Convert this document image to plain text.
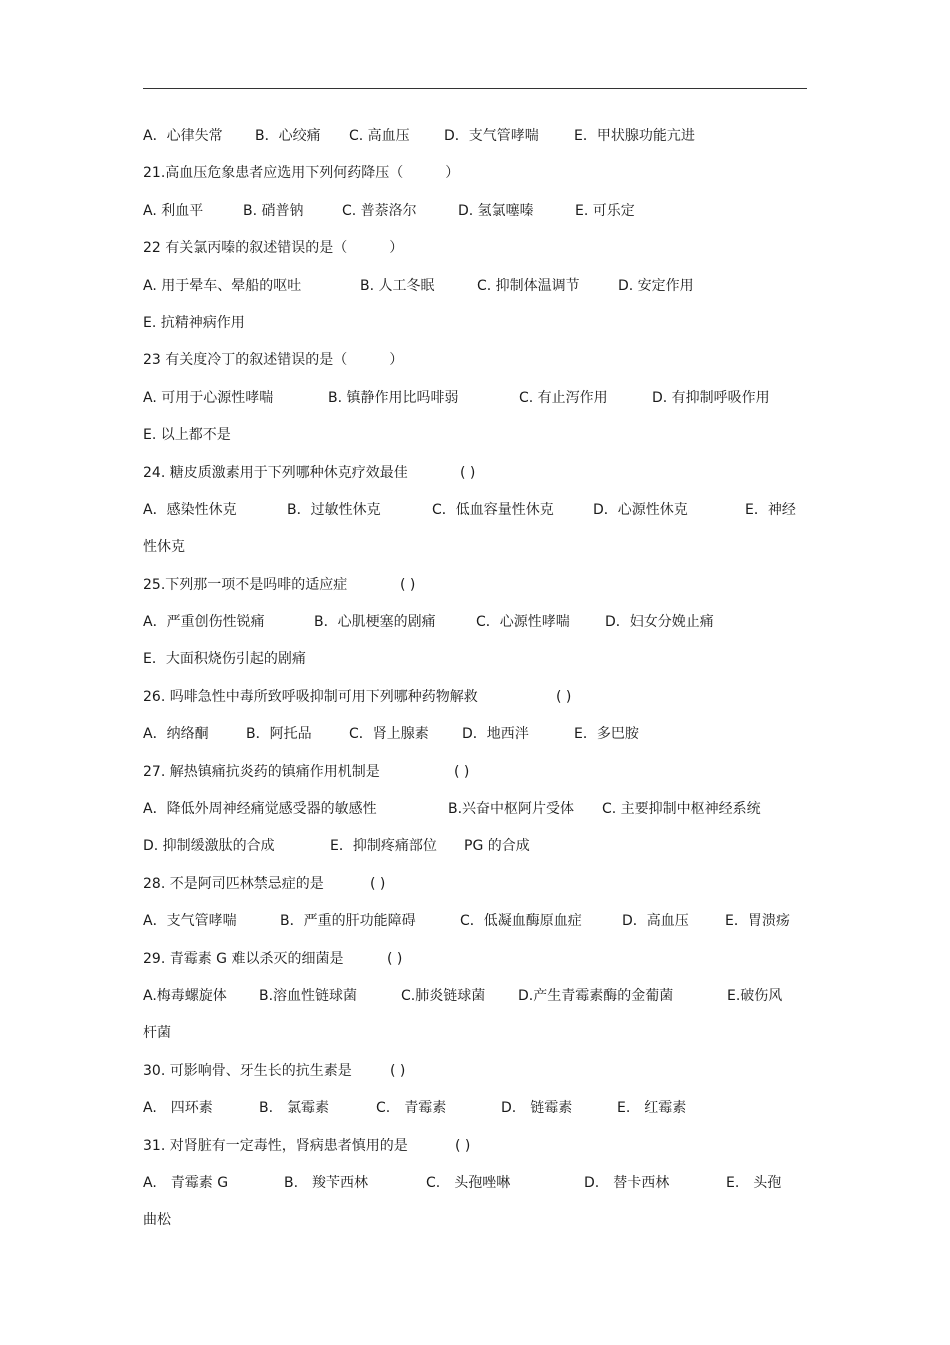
A．心律失常 B．心绞痛 C. 高血压 D．支气管哮喘	E．甲状腺功能亢进
21.高血压危象患者应选用下列何药降压（　　　）
A. 利血平	B. 硝普钠	C. 普萘洛尔	D. 氢氯噻嗪	E. 可乐定
22 有关氯丙嗪的叙述错误的是（　　　）
A. 用于晕车、晕船的呕吐	B. 人工冬眠	C. 抑制体温调节	D. 安定作用
E. 抗精神病作用
23 有关度冷丁的叙述错误的是（　　　）
A. 可用于心源性哮喘	B. 镇静作用比吗啡弱	C. 有止泻作用	D. 有抑制呼吸作用
E. 以上都不是
24. 糖皮质激素用于下列哪种休克疗效最佳	( )
A．感染性休克	B．过敏性休克	C．低血容量性休克	D．心源性休克	E．神经
性休克
25.下列那一项不是吗啡的适应症	( )
A．严重创伤性锐痛	B．心肌梗塞的剧痛	C．心源性哮喘	D．妇女分娩止痛
E．大面积烧伤引起的剧痛
26. 吗啡急性中毒所致呼吸抑制可用下列哪种药物解救	( )
A．纳络酮	B．阿托品	C．肾上腺素 D．地西泮	E．多巴胺
27. 解热镇痛抗炎药的镇痛作用机制是	( )
A．降低外周神经痛觉感受器的敏感性	B.兴奋中枢阿片受体 C. 主要抑制中枢神经系统
D. 抑制缓激肽的合成	E．抑制疼痛部位 PG 的合成
28. 不是阿司匹林禁忌症的是	( )
A．支气管哮喘	B．严重的肝功能障碍	C．低凝血酶原血症	D．高血压	E．胃溃疡
29. 青霉素 G 难以杀灭的细菌是	( )
A.梅毒螺旋体 B.溶血性链球菌	C.肺炎链球菌 D.产生青霉素酶的金葡菌	E.破伤风
杆菌
30. 可影响骨、牙生长的抗生素是	( )
A.　四环素	B.　氯霉素	C.　青霉素	D.　链霉素	E.　红霉素
31. 对肾脏有一定毒性，肾病患者慎用的是	( )
A.　青霉素 G	B.　羧苄西林	C.　头孢唑啉	D.　替卡西林	E.　头孢
曲松
